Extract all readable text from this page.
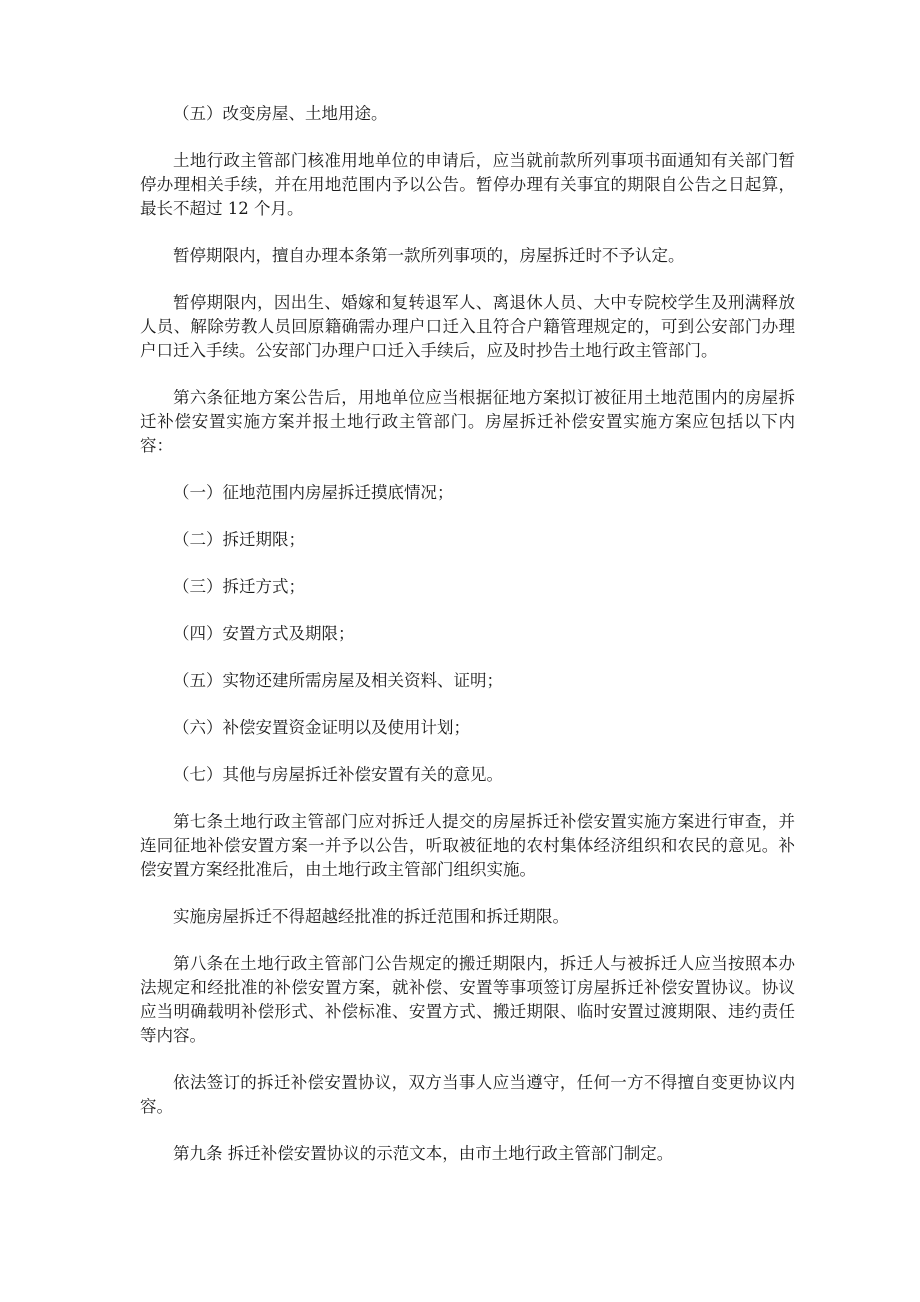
（五）改变房屋、土地用途。

土地行政主管部门核准用地单位的申请后，应当就前款所列事项书面通知有关部门暂停办理相关手续，并在用地范围内予以公告。暂停办理有关事宜的期限自公告之日起算，最长不超过 12 个月。

暂停期限内，擅自办理本条第一款所列事项的，房屋拆迁时不予认定。

暂停期限内，因出生、婚嫁和复转退军人、离退休人员、大中专院校学生及刑满释放人员、解除劳教人员回原籍确需办理户口迁入且符合户籍管理规定的，可到公安部门办理户口迁入手续。公安部门办理户口迁入手续后，应及时抄告土地行政主管部门。

第六条征地方案公告后，用地单位应当根据征地方案拟订被征用土地范围内的房屋拆迁补偿安置实施方案并报土地行政主管部门。房屋拆迁补偿安置实施方案应包括以下内容：

（一）征地范围内房屋拆迁摸底情况；

（二）拆迁期限；

（三）拆迁方式；

（四）安置方式及期限；

（五）实物还建所需房屋及相关资料、证明；

（六）补偿安置资金证明以及使用计划；

（七）其他与房屋拆迁补偿安置有关的意见。

第七条土地行政主管部门应对拆迁人提交的房屋拆迁补偿安置实施方案进行审查，并连同征地补偿安置方案一并予以公告，听取被征地的农村集体经济组织和农民的意见。补偿安置方案经批准后，由土地行政主管部门组织实施。

实施房屋拆迁不得超越经批准的拆迁范围和拆迁期限。

第八条在土地行政主管部门公告规定的搬迁期限内，拆迁人与被拆迁人应当按照本办法规定和经批准的补偿安置方案，就补偿、安置等事项签订房屋拆迁补偿安置协议。协议应当明确载明补偿形式、补偿标准、安置方式、搬迁期限、临时安置过渡期限、违约责任等内容。

依法签订的拆迁补偿安置协议，双方当事人应当遵守，任何一方不得擅自变更协议内容。

第九条 拆迁补偿安置协议的示范文本，由市土地行政主管部门制定。
